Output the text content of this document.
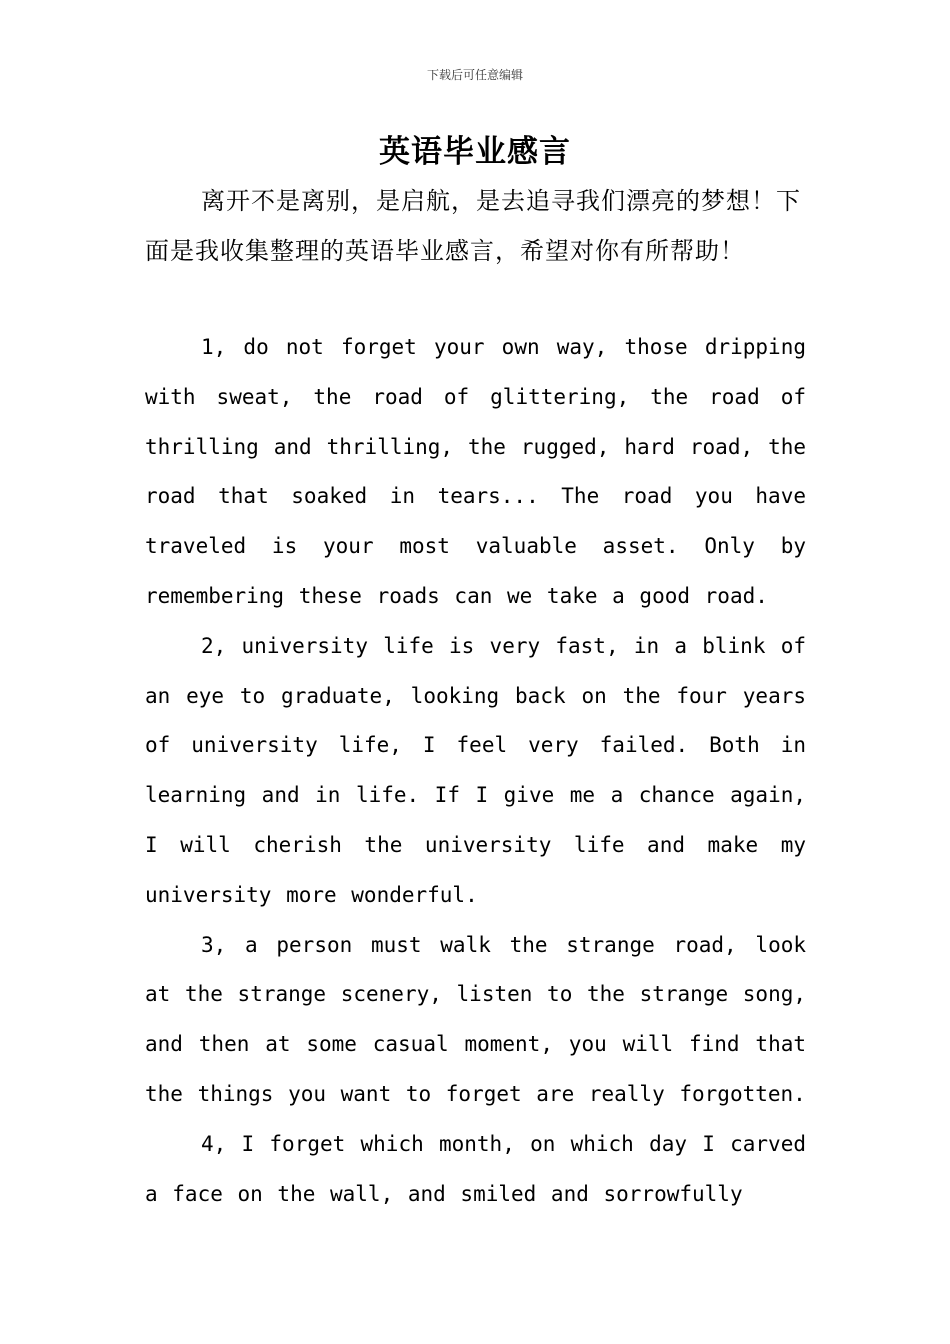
下载后可任意编辑
英语毕业感言

离开不是离别，是启航，是去追寻我们漂亮的梦想！下面是我收集整理的英语毕业感言，希望对你有所帮助！

1, do not forget your own way, those dripping with sweat, the road of glittering, the road of thrilling and thrilling, the rugged, hard road, the road that soaked in tears... The road you have traveled is your most valuable asset. Only by remembering these roads can we take a good road.

2, university life is very fast, in a blink of an eye to graduate, looking back on the four years of university life, I feel very failed. Both in learning and in life. If I give me a chance again, I will cherish the university life and make my university more wonderful.

3, a person must walk the strange road, look at the strange scenery, listen to the strange song, and then at some casual moment, you will find that the things you want to forget are really forgotten.

4, I forget which month, on which day I carved a face on the wall, and smiled and sorrowfully
